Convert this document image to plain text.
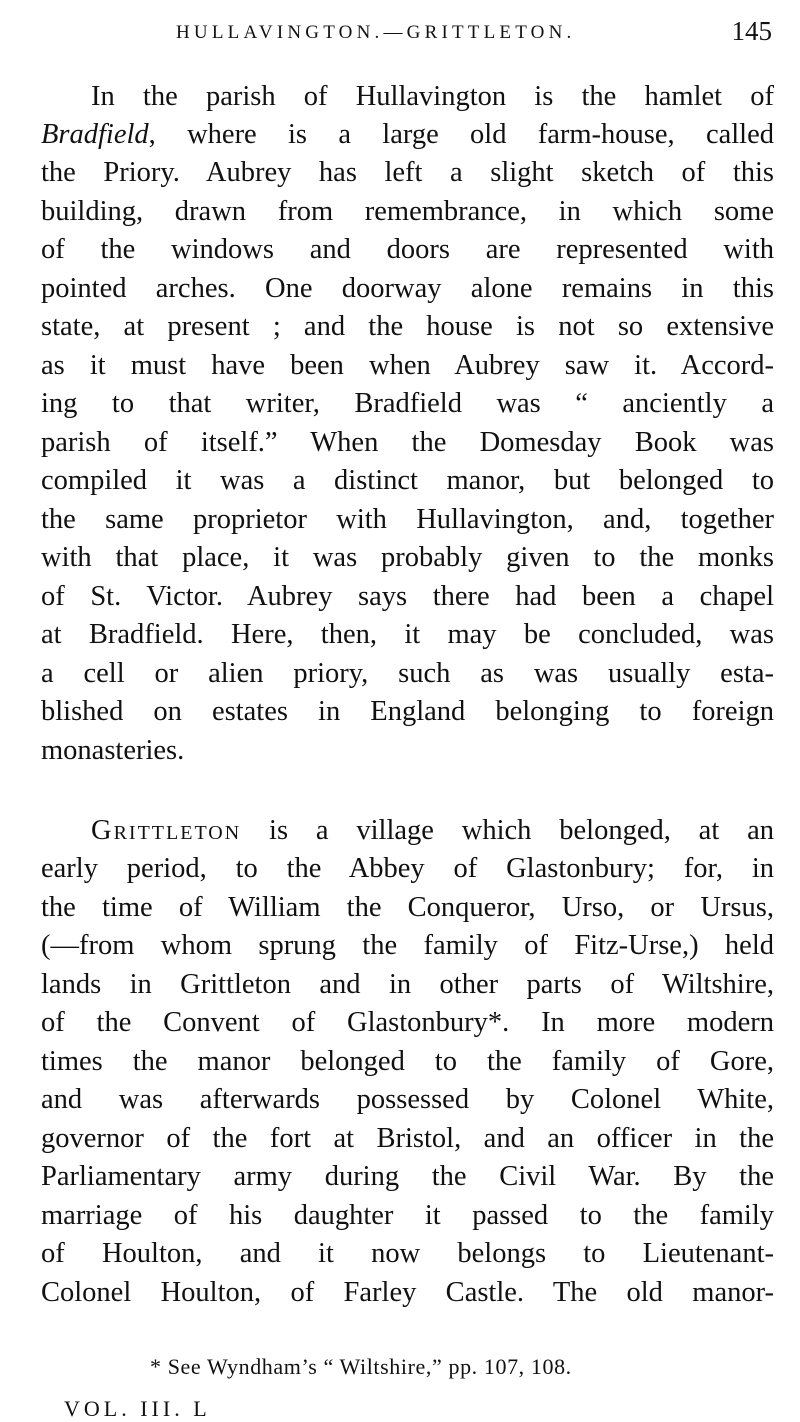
HULLAVINGTON.—GRITTLETON.	145
In the parish of Hullavington is the hamlet of
Bradfield, where is a large old farm-house, called
the Priory. Aubrey has left a slight sketch of this
building, drawn from remembrance, in which some
of the windows and doors are represented with
pointed arches. One doorway alone remains in this
state, at present ; and the house is not so extensive
as it must have been when Aubrey saw it. Accord-
ing to that writer, Bradfield was “ anciently a
parish of itself.” When the Domesday Book was
compiled it was a distinct manor, but belonged to
the same proprietor with Hullavington, and, together
with that place, it was probably given to the monks
of St. Victor. Aubrey says there had been a chapel
at Bradfield. Here, then, it may be concluded, was
a cell or alien priory, such as was usually esta-
blished on estates in England belonging to foreign
monasteries.
Grittleton is a village which belonged, at an
early period, to the Abbey of Glastonbury; for, in
the time of William the Conqueror, Urso, or Ursus,
(—from whom sprung the family of Fitz-Urse,) held
lands in Grittleton and in other parts of Wiltshire,
of the Convent of Glastonbury*. In more modern
times the manor belonged to the family of Gore,
and was afterwards possessed by Colonel White,
governor of the fort at Bristol, and an officer in the
Parliamentary army during the Civil War. By the
marriage of his daughter it passed to the family
of Houlton, and it now belongs to Lieutenant-
Colonel Houlton, of Farley Castle. The old manor-
* See Wyndham’s “ Wiltshire,” pp. 107, 108.
VOL. III. L
